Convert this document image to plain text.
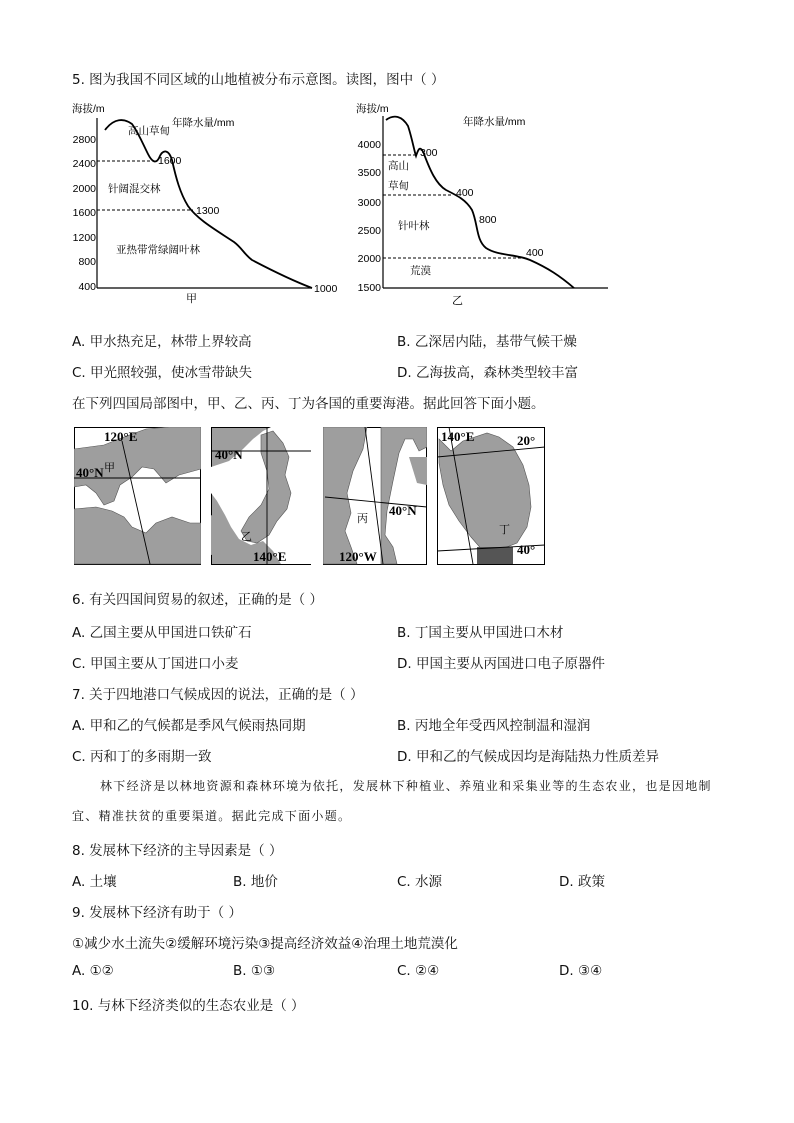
5. 图为我国不同区域的山地植被分布示意图。读图，图中（ ）
海拔/m
年降水量/mm
2800
2400
2000
1600
1200
800
400
高山草甸
针阔混交林
亚热带常绿阔叶林
1600
1300
1000
甲
海拔/m
年降水量/mm
4000
3500
3000
2500
2000
1500
高山
草甸
针叶林
荒漠
300
400
800
400
乙
A. 甲水热充足，林带上界较高	B. 乙深居内陆，基带气候干燥
C. 甲光照较强，使冰雪带缺失	D. 乙海拔高，森林类型较丰富
在下列四国局部图中，甲、乙、丙、丁为各国的重要海港。据此回答下面小题。
120°E
40°N 甲
40°N
140°E
乙
40°N
120°W
丙
140°E	20°
40°
丁
6. 有关四国间贸易的叙述，正确的是（ ）
A. 乙国主要从甲国进口铁矿石	B. 丁国主要从甲国进口木材
C. 甲国主要从丁国进口小麦	D. 甲国主要从丙国进口电子原器件
7. 关于四地港口气候成因的说法，正确的是（ ）
A. 甲和乙的气候都是季风气候雨热同期	B. 丙地全年受西风控制温和湿润
C. 丙和丁的多雨期一致	D. 甲和乙的气候成因均是海陆热力性质差异
林下经济是以林地资源和森林环境为依托，发展林下种植业、养殖业和采集业等的生态农业，也是因地制宜、精准扶贫的重要渠道。据此完成下面小题。
8. 发展林下经济的主导因素是（ ）
A. 土壤	B. 地价	C. 水源	D. 政策
9. 发展林下经济有助于（ ）
①减少水土流失②缓解环境污染③提高经济效益④治理土地荒漠化
A. ①②	B. ①③	C. ②④	D. ③④
10. 与林下经济类似的生态农业是（ ）
